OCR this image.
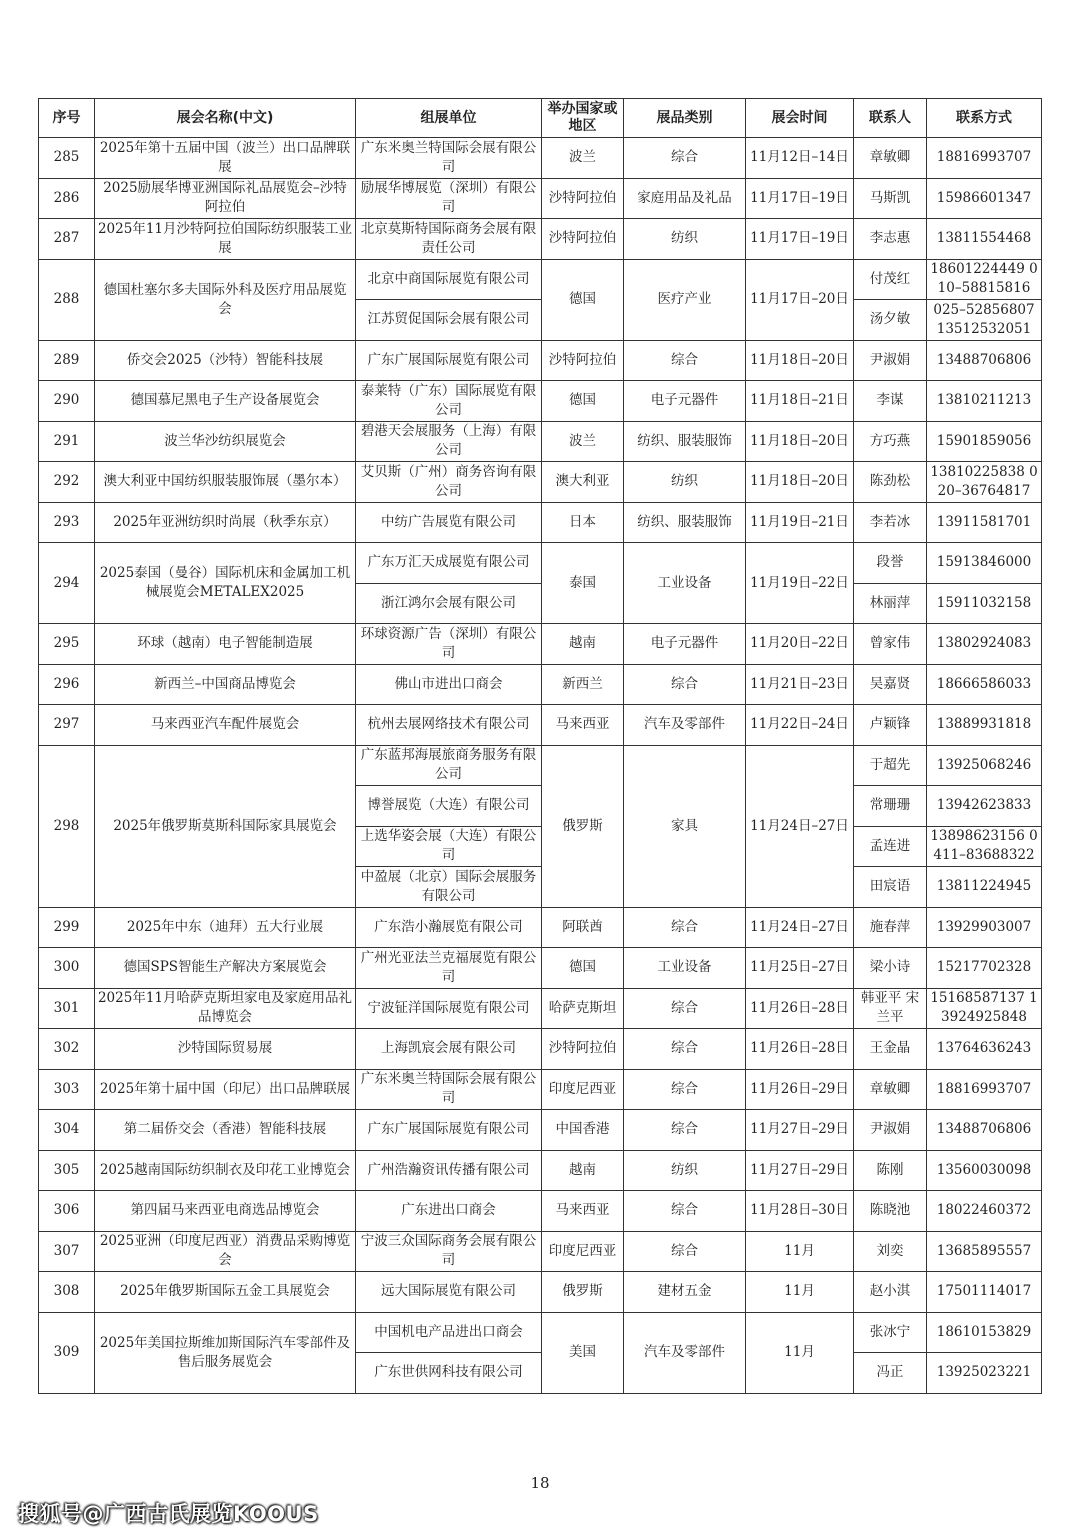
序号	展会名称(中文)	组展单位	举办国家或地区	展品类别	展会时间	联系人	联系方式
285	2025年第十五届中国（波兰）出口品牌联展	广东米奥兰特国际会展有限公司	波兰	综合	11月12日–14日	章敏卿	18816993707
286	2025励展华博亚洲国际礼品展览会–沙特阿拉伯	励展华博展览（深圳）有限公司	沙特阿拉伯	家庭用品及礼品	11月17日–19日	马斯凯	15986601347
287	2025年11月沙特阿拉伯国际纺织服装工业展	北京莫斯特国际商务会展有限责任公司	沙特阿拉伯	纺织	11月17日–19日	李志惠	13811554468
288	德国杜塞尔多夫国际外科及医疗用品展览会	北京中商国际展览有限公司	德国	医疗产业	11月17日–20日	付茂红	18601224449 010–58815816
		江苏贸促国际会展有限公司				汤夕敏	025–52856807 13512532051
289	侨交会2025（沙特）智能科技展	广东广展国际展览有限公司	沙特阿拉伯	综合	11月18日–20日	尹淑娟	13488706806
290	德国慕尼黑电子生产设备展览会	泰莱特（广东）国际展览有限公司	德国	电子元器件	11月18日–21日	李谋	13810211213
291	波兰华沙纺织展览会	碧港天会展服务（上海）有限公司	波兰	纺织、服装服饰	11月18日–20日	方巧燕	15901859056
292	澳大利亚中国纺织服装服饰展（墨尔本）	艾贝斯（广州）商务咨询有限公司	澳大利亚	纺织	11月18日–20日	陈劲松	13810225838 020–36764817
293	2025年亚洲纺织时尚展（秋季东京）	中纺广告展览有限公司	日本	纺织、服装服饰	11月19日–21日	李若冰	13911581701
294	2025泰国（曼谷）国际机床和金属加工机械展览会METALEX2025	广东万汇天成展览有限公司	泰国	工业设备	11月19日–22日	段誉	15913846000
		浙江鸿尔会展有限公司				林丽萍	15911032158
295	环球（越南）电子智能制造展	环球资源广告（深圳）有限公司	越南	电子元器件	11月20日–22日	曾家伟	13802924083
296	新西兰–中国商品博览会	佛山市进出口商会	新西兰	综合	11月21日–23日	吴嘉贤	18666586033
297	马来西亚汽车配件展览会	杭州去展网络技术有限公司	马来西亚	汽车及零部件	11月22日–24日	卢颖锋	13889931818
298	2025年俄罗斯莫斯科国际家具展览会	广东蓝邦海展旅商务服务有限公司	俄罗斯	家具	11月24日–27日	于超先	13925068246
		博誉展览（大连）有限公司				常珊珊	13942623833
		上选华姿会展（大连）有限公司				孟连进	13898623156 0411–83688322
		中盈展（北京）国际会展服务有限公司				田宸语	13811224945
299	2025年中东（迪拜）五大行业展	广东浩小瀚展览有限公司	阿联酋	综合	11月24日–27日	施春萍	13929903007
300	德国SPS智能生产解决方案展览会	广州光亚法兰克福展览有限公司	德国	工业设备	11月25日–27日	梁小诗	15217702328
301	2025年11月哈萨克斯坦家电及家庭用品礼品博览会	宁波钲洋国际展览有限公司	哈萨克斯坦	综合	11月26日–28日	韩亚平 宋兰平	15168587137 13924925848
302	沙特国际贸易展	上海凯宸会展有限公司	沙特阿拉伯	综合	11月26日–28日	王金晶	13764636243
303	2025年第十届中国（印尼）出口品牌联展	广东米奥兰特国际会展有限公司	印度尼西亚	综合	11月26日–29日	章敏卿	18816993707
304	第二届侨交会（香港）智能科技展	广东广展国际展览有限公司	中国香港	综合	11月27日–29日	尹淑娟	13488706806
305	2025越南国际纺织制衣及印花工业博览会	广州浩瀚资讯传播有限公司	越南	纺织	11月27日–29日	陈刚	13560030098
306	第四届马来西亚电商选品博览会	广东进出口商会	马来西亚	综合	11月28日–30日	陈晓池	18022460372
307	2025亚洲（印度尼西亚）消费品采购博览会	宁波三众国际商务会展有限公司	印度尼西亚	综合	11月	刘奕	13685895557
308	2025年俄罗斯国际五金工具展览会	远大国际展览有限公司	俄罗斯	建材五金	11月	赵小淇	17501114017
309	2025年美国拉斯维加斯国际汽车零部件及售后服务展览会	中国机电产品进出口商会	美国	汽车及零部件	11月	张冰宁	18610153829
		广东世供网科技有限公司				冯正	13925023221
18
搜狐号@广西古氏展览KOOUS
